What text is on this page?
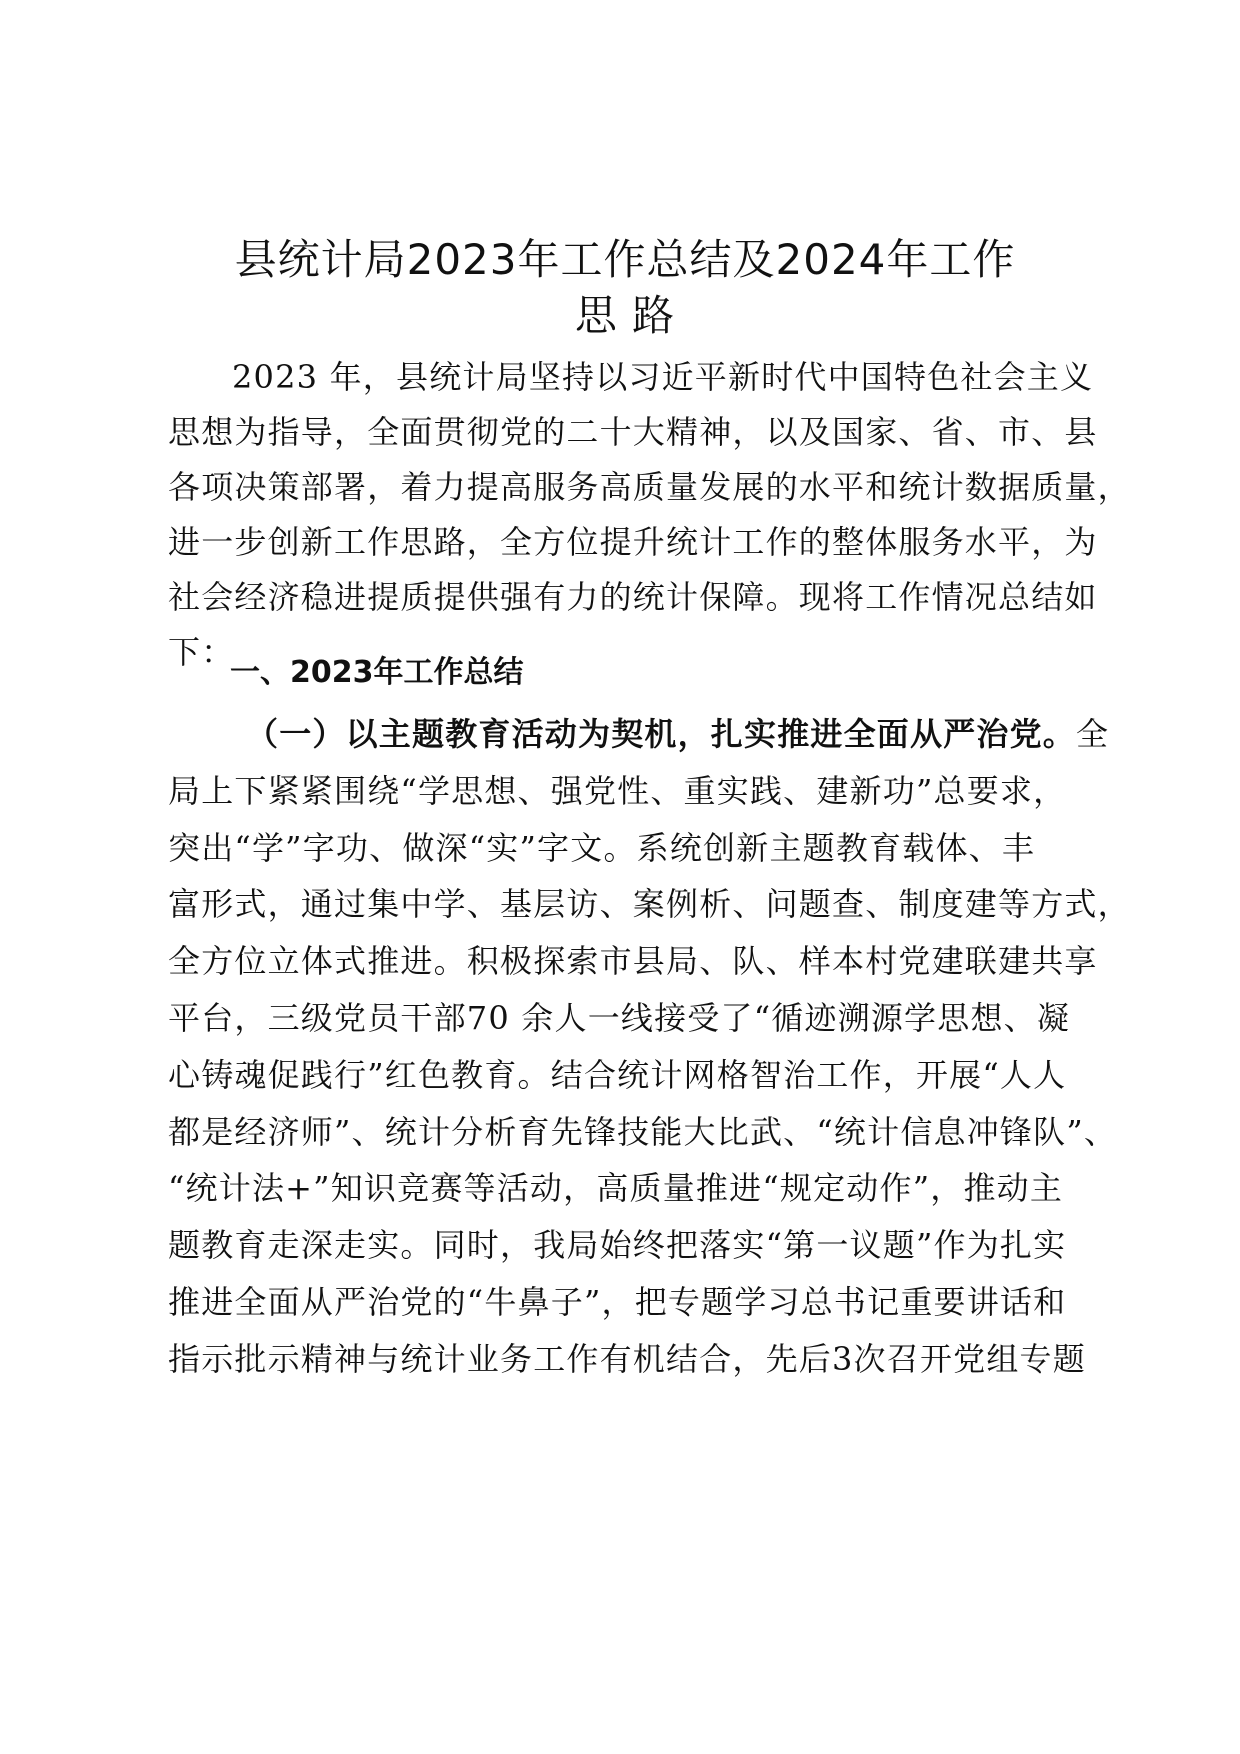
县统计局2023年工作总结及2024年工作
思 路
2023 年，县统计局坚持以习近平新时代中国特色社会主义
思想为指导，全面贯彻党的二十大精神，以及国家、省、市、县
各项决策部署，着力提高服务高质量发展的水平和统计数据质量，
进一步创新工作思路，全方位提升统计工作的整体服务水平，为
社会经济稳进提质提供强有力的统计保障。现将工作情况总结如
下：
一、2023年工作总结
（一）以主题教育活动为契机，扎实推进全面从严治党。全
局上下紧紧围绕“学思想、强党性、重实践、建新功”总要求，
突出“学”字功、做深“实”字文。系统创新主题教育载体、丰
富形式，通过集中学、基层访、案例析、问题查、制度建等方式，
全方位立体式推进。积极探索市县局、队、样本村党建联建共享
平台，三级党员干部70 余人一线接受了“循迹溯源学思想、凝
心铸魂促践行”红色教育。结合统计网格智治工作，开展“人人
都是经济师”、统计分析育先锋技能大比武、“统计信息冲锋队”、
“统计法+”知识竞赛等活动，高质量推进“规定动作”，推动主
题教育走深走实。同时，我局始终把落实“第一议题”作为扎实
推进全面从严治党的“牛鼻子”，把专题学习总书记重要讲话和
指示批示精神与统计业务工作有机结合，先后3次召开党组专题
